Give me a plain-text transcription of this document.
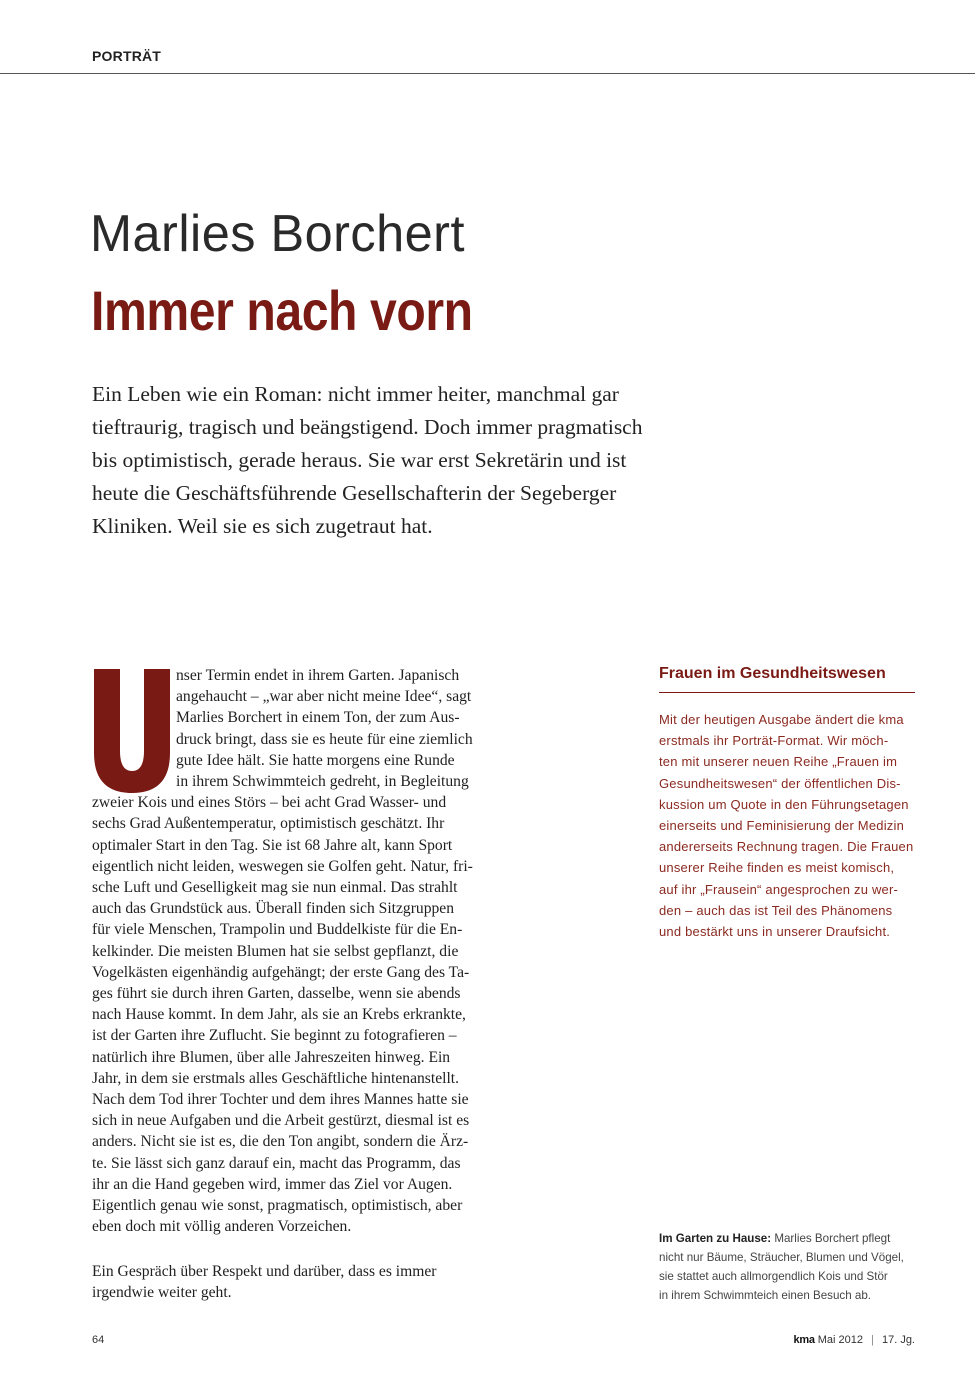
PORTRÄT
Marlies Borchert
Immer nach vorn
Ein Leben wie ein Roman: nicht immer heiter, manchmal gar
tieftraurig, tragisch und beängstigend. Doch immer pragmatisch
bis optimistisch, gerade heraus. Sie war erst Sekretärin und ist
heute die Geschäftsführende Gesellschafterin der Segeberger
Kliniken. Weil sie es sich zugetraut hat.
nser Termin endet in ihrem Garten. Japanisch
angehaucht – „war aber nicht meine Idee“, sagt
Marlies Borchert in einem Ton, der zum Aus-
druck bringt, dass sie es heute für eine ziemlich
gute Idee hält. Sie hatte morgens eine Runde
in ihrem Schwimmteich gedreht, in Begleitung
zweier Kois und eines Störs – bei acht Grad Wasser- und
sechs Grad Außentemperatur, optimistisch geschätzt. Ihr
optimaler Start in den Tag. Sie ist 68 Jahre alt, kann Sport
eigentlich nicht leiden, weswegen sie Golfen geht. Natur, fri-
sche Luft und Geselligkeit mag sie nun einmal. Das strahlt
auch das Grundstück aus. Überall finden sich Sitzgruppen
für viele Menschen, Trampolin und Buddelkiste für die En-
kelkinder. Die meisten Blumen hat sie selbst gepflanzt, die
Vogelkästen eigenhändig aufgehängt; der erste Gang des Ta-
ges führt sie durch ihren Garten, dasselbe, wenn sie abends
nach Hause kommt. In dem Jahr, als sie an Krebs erkrankte,
ist der Garten ihre Zuflucht. Sie beginnt zu fotografieren –
natürlich ihre Blumen, über alle Jahreszeiten hinweg. Ein
Jahr, in dem sie erstmals alles Geschäftliche hintenanstellt.
Nach dem Tod ihrer Tochter und dem ihres Mannes hatte sie
sich in neue Aufgaben und die Arbeit gestürzt, diesmal ist es
anders. Nicht sie ist es, die den Ton angibt, sondern die Ärz-
te. Sie lässt sich ganz darauf ein, macht das Programm, das
ihr an die Hand gegeben wird, immer das Ziel vor Augen.
Eigentlich genau wie sonst, pragmatisch, optimistisch, aber
eben doch mit völlig anderen Vorzeichen.
Ein Gespräch über Respekt und darüber, dass es immer
irgendwie weiter geht.
Frauen im Gesundheitswesen
Mit der heutigen Ausgabe ändert die kma
erstmals ihr Porträt-Format. Wir möch-
ten mit unserer neuen Reihe „Frauen im
Gesundheitswesen“ der öffentlichen Dis-
kussion um Quote in den Führungsetagen
einerseits und Feminisierung der Medizin
andererseits Rechnung tragen. Die Frauen
unserer Reihe finden es meist komisch,
auf ihr „Frausein“ angesprochen zu wer-
den – auch das ist Teil des Phänomens
und bestärkt uns in unserer Draufsicht.
Im Garten zu Hause: Marlies Borchert pflegt
nicht nur Bäume, Sträucher, Blumen und Vögel,
sie stattet auch allmorgendlich Kois und Stör
in ihrem Schwimmteich einen Besuch ab.
64	kma Mai 2012 | 17. Jg.
